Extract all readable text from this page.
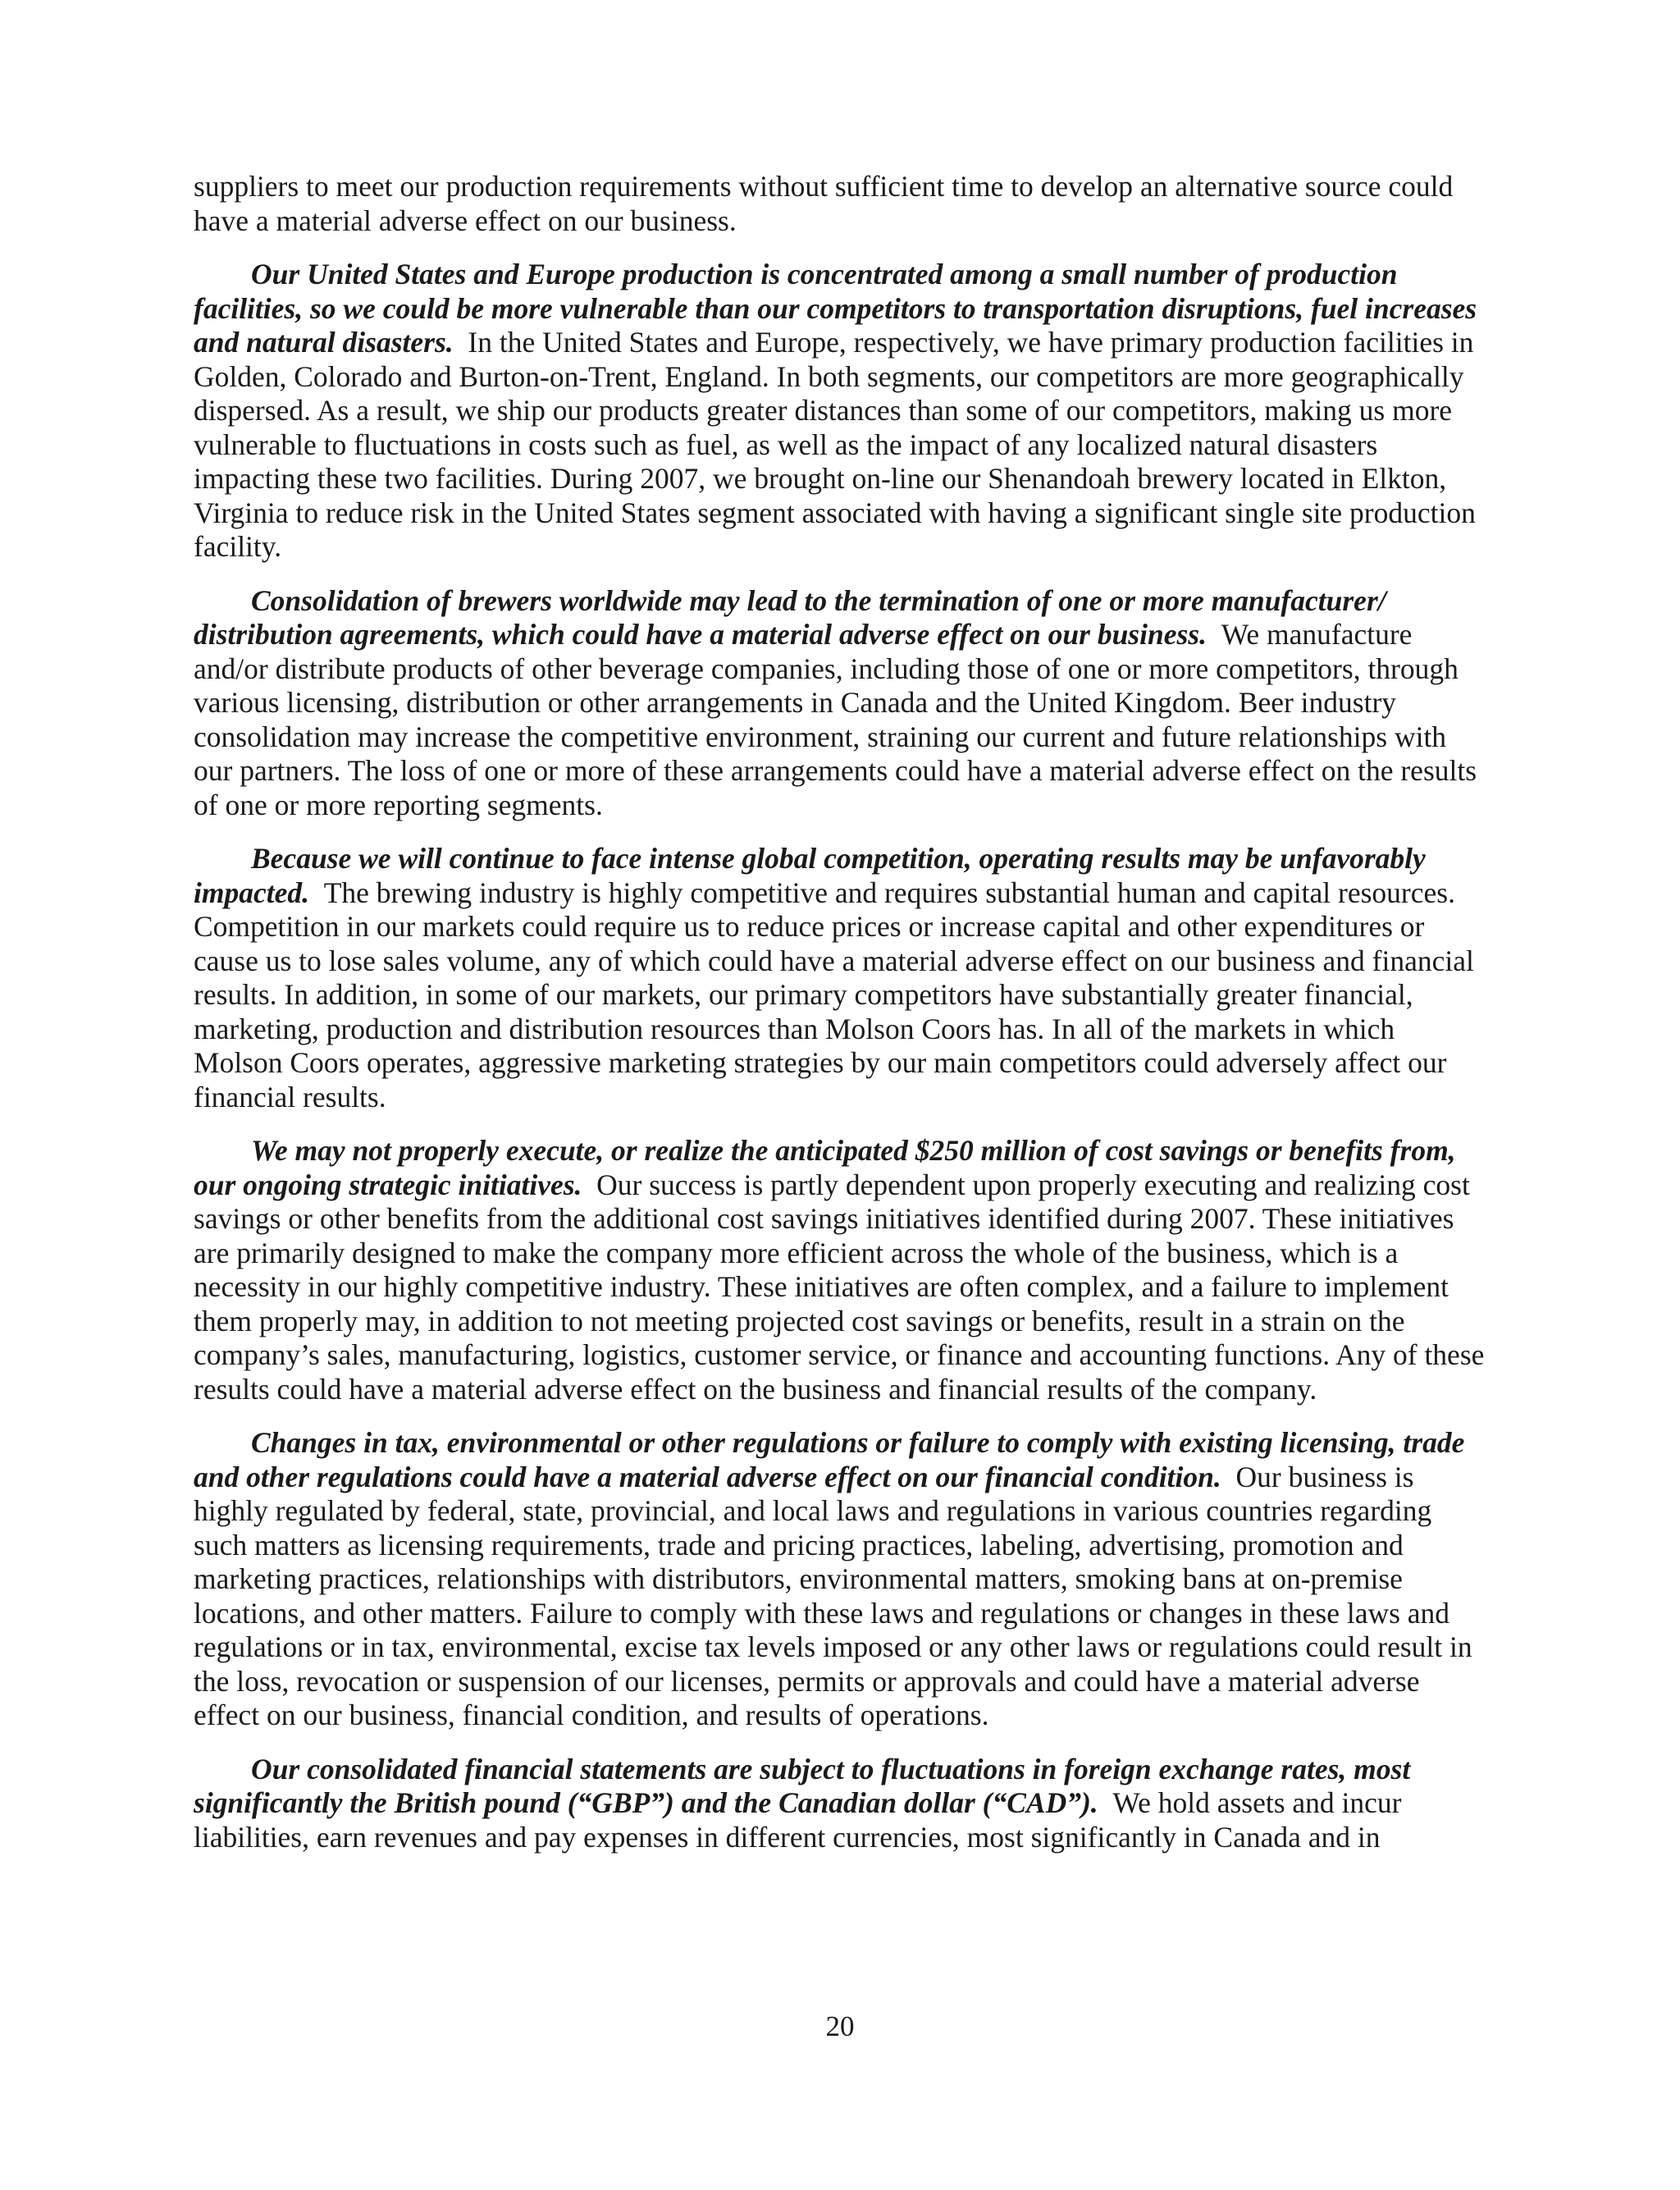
suppliers to meet our production requirements without sufficient time to develop an alternative source could have a material adverse effect on our business.

Our United States and Europe production is concentrated among a small number of production facilities, so we could be more vulnerable than our competitors to transportation disruptions, fuel increases and natural disasters. In the United States and Europe, respectively, we have primary production facilities in Golden, Colorado and Burton-on-Trent, England. In both segments, our competitors are more geographically dispersed. As a result, we ship our products greater distances than some of our competitors, making us more vulnerable to fluctuations in costs such as fuel, as well as the impact of any localized natural disasters impacting these two facilities. During 2007, we brought on-line our Shenandoah brewery located in Elkton, Virginia to reduce risk in the United States segment associated with having a significant single site production facility.

Consolidation of brewers worldwide may lead to the termination of one or more manufacturer/ distribution agreements, which could have a material adverse effect on our business. We manufacture and/or distribute products of other beverage companies, including those of one or more competitors, through various licensing, distribution or other arrangements in Canada and the United Kingdom. Beer industry consolidation may increase the competitive environment, straining our current and future relationships with our partners. The loss of one or more of these arrangements could have a material adverse effect on the results of one or more reporting segments.

Because we will continue to face intense global competition, operating results may be unfavorably impacted. The brewing industry is highly competitive and requires substantial human and capital resources. Competition in our markets could require us to reduce prices or increase capital and other expenditures or cause us to lose sales volume, any of which could have a material adverse effect on our business and financial results. In addition, in some of our markets, our primary competitors have substantially greater financial, marketing, production and distribution resources than Molson Coors has. In all of the markets in which Molson Coors operates, aggressive marketing strategies by our main competitors could adversely affect our financial results.

We may not properly execute, or realize the anticipated $250 million of cost savings or benefits from, our ongoing strategic initiatives. Our success is partly dependent upon properly executing and realizing cost savings or other benefits from the additional cost savings initiatives identified during 2007. These initiatives are primarily designed to make the company more efficient across the whole of the business, which is a necessity in our highly competitive industry. These initiatives are often complex, and a failure to implement them properly may, in addition to not meeting projected cost savings or benefits, result in a strain on the company’s sales, manufacturing, logistics, customer service, or finance and accounting functions. Any of these results could have a material adverse effect on the business and financial results of the company.

Changes in tax, environmental or other regulations or failure to comply with existing licensing, trade and other regulations could have a material adverse effect on our financial condition. Our business is highly regulated by federal, state, provincial, and local laws and regulations in various countries regarding such matters as licensing requirements, trade and pricing practices, labeling, advertising, promotion and marketing practices, relationships with distributors, environmental matters, smoking bans at on-premise locations, and other matters. Failure to comply with these laws and regulations or changes in these laws and regulations or in tax, environmental, excise tax levels imposed or any other laws or regulations could result in the loss, revocation or suspension of our licenses, permits or approvals and could have a material adverse effect on our business, financial condition, and results of operations.

Our consolidated financial statements are subject to fluctuations in foreign exchange rates, most significantly the British pound (“GBP”) and the Canadian dollar (“CAD”). We hold assets and incur liabilities, earn revenues and pay expenses in different currencies, most significantly in Canada and in

20
